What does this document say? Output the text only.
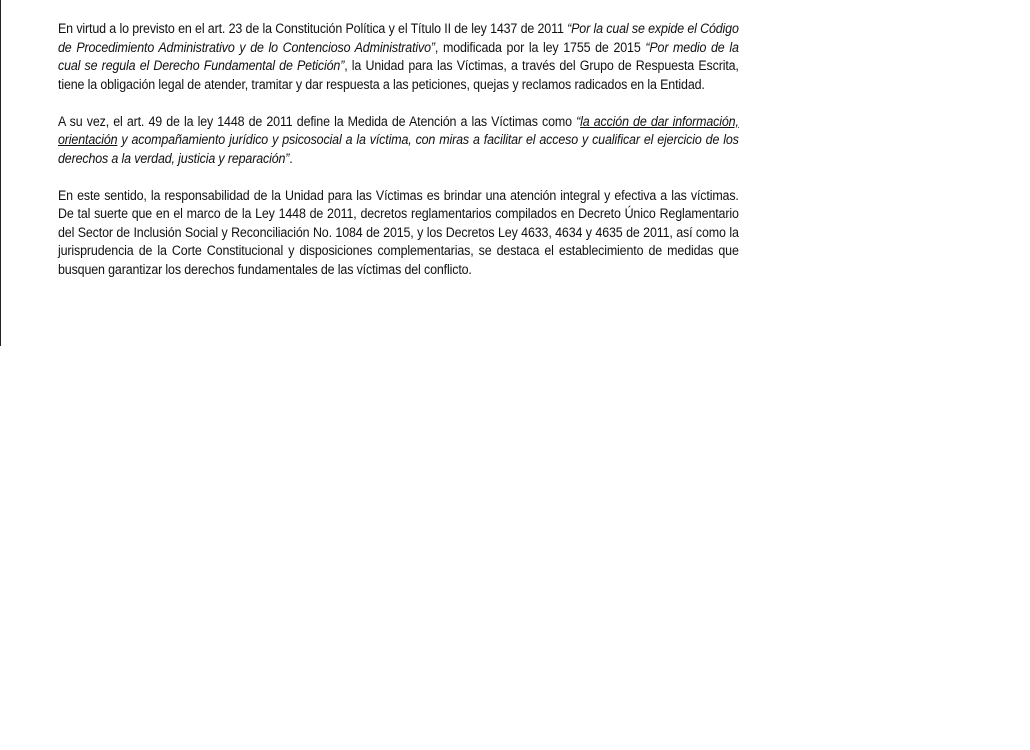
En virtud a lo previsto en el art. 23 de la Constitución Política y el Título II de ley 1437 de 2011 “Por la cual se expide el Código de Procedimiento Administrativo y de lo Contencioso Administrativo”, modificada por la ley 1755 de 2015 “Por medio de la cual se regula el Derecho Fundamental de Petición”, la Unidad para las Víctimas, a través del Grupo de Respuesta Escrita, tiene la obligación legal de atender, tramitar y dar respuesta a las peticiones, quejas y reclamos radicados en la Entidad.

A su vez, el art. 49 de la ley 1448 de 2011 define la Medida de Atención a las Víctimas como “la acción de dar información, orientación y acompañamiento jurídico y psicosocial a la víctima, con miras a facilitar el acceso y cualificar el ejercicio de los derechos a la verdad, justicia y reparación”.

En este sentido, la responsabilidad de la Unidad para las Víctimas es brindar una atención integral y efectiva a las víctimas. De tal suerte que en el marco de la Ley 1448 de 2011, decretos reglamentarios compilados en Decreto Único Reglamentario del Sector de Inclusión Social y Reconciliación No. 1084 de 2015, y los Decretos Ley 4633, 4634 y 4635 de 2011, así como la jurisprudencia de la Corte Constitucional y disposiciones complementarias, se destaca el establecimiento de medidas que busquen garantizar los derechos fundamentales de las víctimas del conflicto.
